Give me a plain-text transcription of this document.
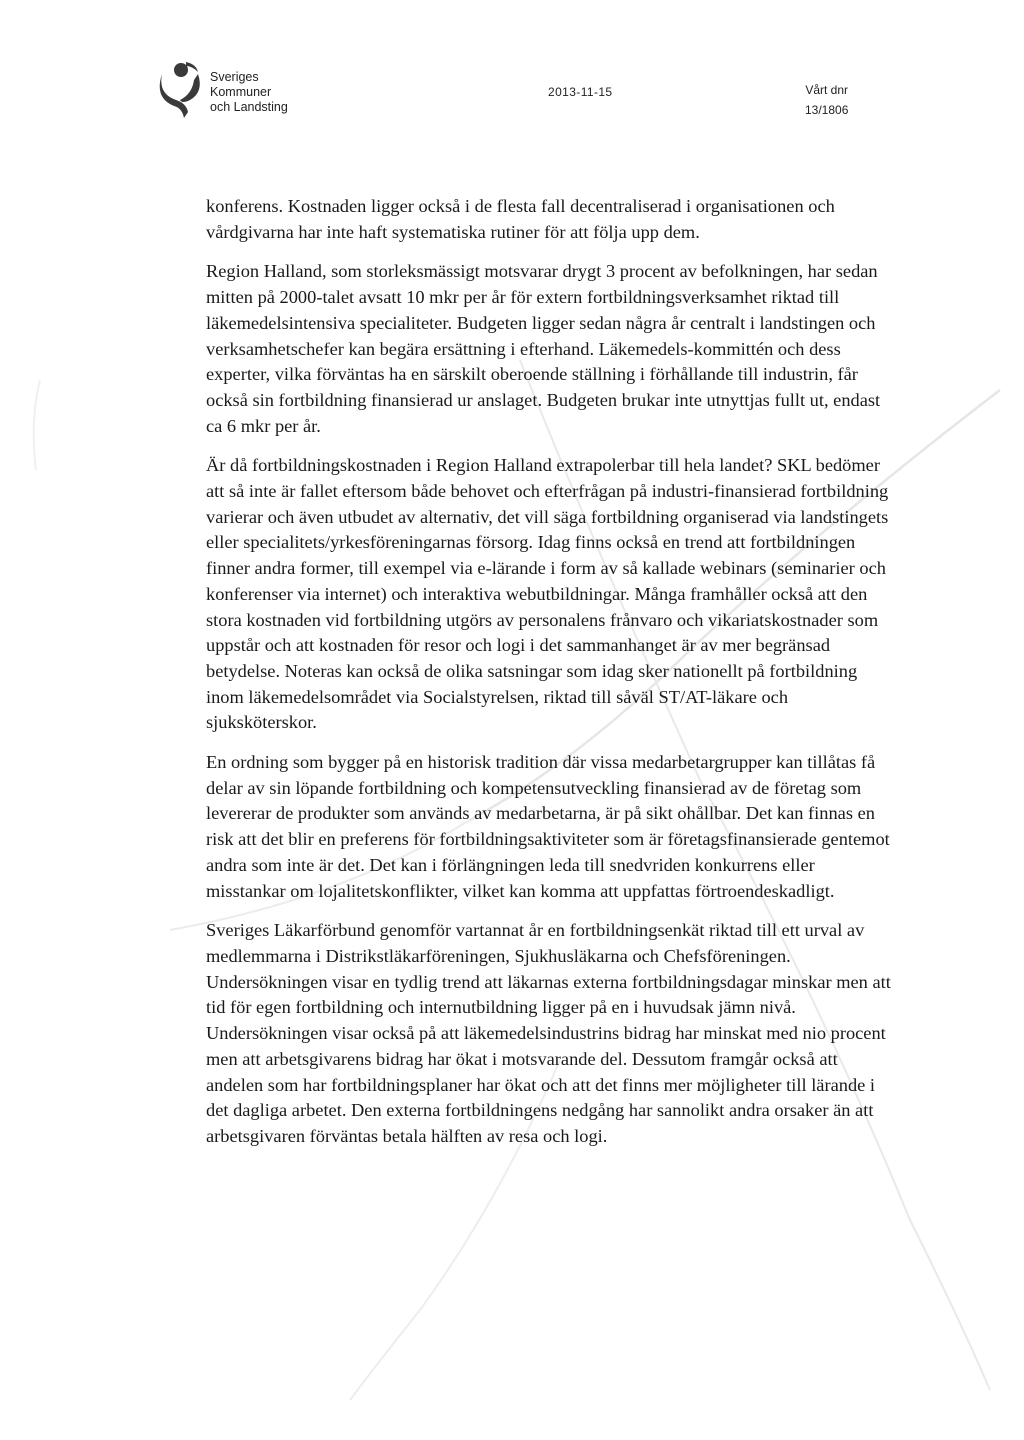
Sveriges
Kommuner
och Landsting
2013-11-15	Vårt dnr
13/1806

konferens. Kostnaden ligger också i de flesta fall decentraliserad i organisationen och vårdgivarna har inte haft systematiska rutiner för att följa upp dem.

Region Halland, som storleksmässigt motsvarar drygt 3 procent av befolkningen, har sedan mitten på 2000-talet avsatt 10 mkr per år för extern fortbildningsverksamhet riktad till läkemedelsintensiva specialiteter. Budgeten ligger sedan några år centralt i landstingen och verksamhetschefer kan begära ersättning i efterhand. Läkemedels-kommittén och dess experter, vilka förväntas ha en särskilt oberoende ställning i förhållande till industrin, får också sin fortbildning finansierad ur anslaget. Budgeten brukar inte utnyttjas fullt ut, endast ca 6 mkr per år.

Är då fortbildningskostnaden i Region Halland extrapolerbar till hela landet? SKL bedömer att så inte är fallet eftersom både behovet och efterfrågan på industri-finansierad fortbildning varierar och även utbudet av alternativ, det vill säga fortbildning organiserad via landstingets eller specialitets/yrkesföreningarnas försorg. Idag finns också en trend att fortbildningen finner andra former, till exempel via e-lärande i form av så kallade webinars (seminarier och konferenser via internet) och interaktiva webutbildningar. Många framhåller också att den stora kostnaden vid fortbildning utgörs av personalens frånvaro och vikariatskostnader som uppstår och att kostnaden för resor och logi i det sammanhanget är av mer begränsad betydelse. Noteras kan också de olika satsningar som idag sker nationellt på fortbildning inom läkemedelsområdet via Socialstyrelsen, riktad till såväl ST/AT-läkare och sjuksköterskor.

En ordning som bygger på en historisk tradition där vissa medarbetargrupper kan tillåtas få delar av sin löpande fortbildning och kompetensutveckling finansierad av de företag som levererar de produkter som används av medarbetarna, är på sikt ohållbar. Det kan finnas en risk att det blir en preferens för fortbildningsaktiviteter som är företagsfinansierade gentemot andra som inte är det. Det kan i förlängningen leda till snedvriden konkurrens eller misstankar om lojalitetskonflikter, vilket kan komma att uppfattas förtroendeskadligt.

Sveriges Läkarförbund genomför vartannat år en fortbildningsenkät riktad till ett urval av medlemmarna i Distrikstläkarföreningen, Sjukhusläkarna och Chefsföreningen. Undersökningen visar en tydlig trend att läkarnas externa fortbildningsdagar minskar men att tid för egen fortbildning och internutbildning ligger på en i huvudsak jämn nivå. Undersökningen visar också på att läkemedelsindustrins bidrag har minskat med nio procent men att arbetsgivarens bidrag har ökat i motsvarande del. Dessutom framgår också att andelen som har fortbildningsplaner har ökat och att det finns mer möjligheter till lärande i det dagliga arbetet. Den externa fortbildningens nedgång har sannolikt andra orsaker än att arbetsgivaren förväntas betala hälften av resa och logi.
